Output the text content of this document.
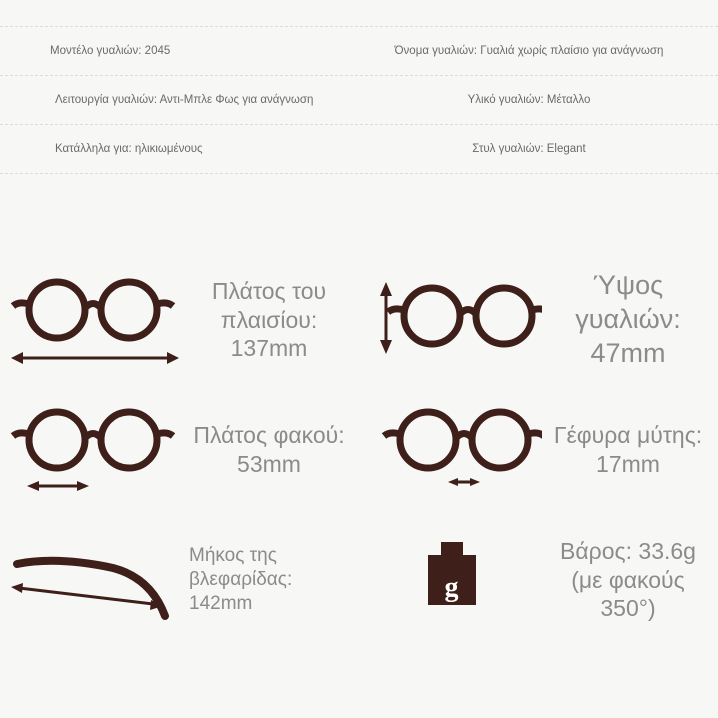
Μοντέλο γυαλιών: 2045	Όνομα γυαλιών: Γυαλιά χωρίς πλαίσιο για ανάγνωση
Λειτουργία γυαλιών: Αντι-Μπλε Φως για ανάγνωση	Υλικό γυαλιών: Μέταλλο
Κατάλληλα για: ηλικιωμένους	Στυλ γυαλιών: Elegant
Πλάτος του πλαισίου: 137mm
Ύψος γυαλιών: 47mm
Πλάτος φακού: 53mm
Γέφυρα μύτης: 17mm
Μήκος της βλεφαρίδας: 142mm
g
Βάρος: 33.6g (με φακούς 350°)
